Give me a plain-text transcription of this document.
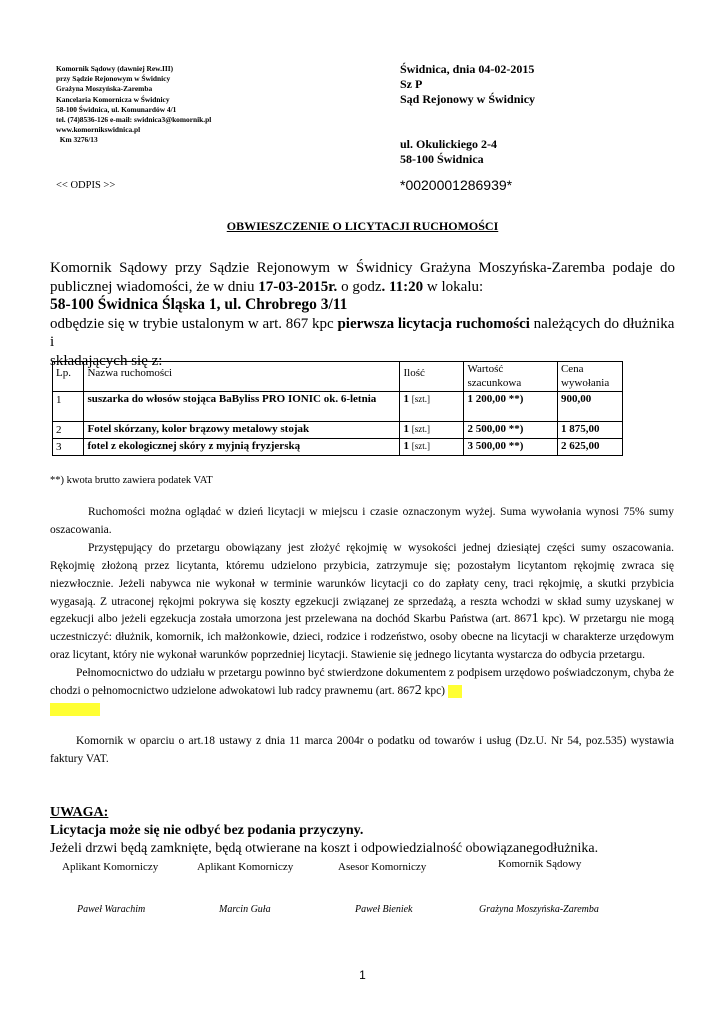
Komornik Sądowy (dawniej Rew.III)
przy Sądzie Rejonowym w Świdnicy
Grażyna Moszyńska-Zaremba
Kancelaria Komornicza w Świdnicy
58-100 Świdnica, ul. Komunardów 4/1
tel. (74)8536-126 e-mail: swidnica3@komornik.pl
www.komornikswidnica.pl
Km 3276/13
Świdnica, dnia 04-02-2015
Sz P
Sąd Rejonowy w Świdnicy
ul. Okulickiego 2-4
58-100 Świdnica
<< ODPIS >>	*0020001286939*
OBWIESZCZENIE O LICYTACJI RUCHOMOŚCI

Komornik Sądowy przy Sądzie Rejonowym w Świdnicy Grażyna Moszyńska-Zaremba podaje do

publicznej wiadomości, że w dniu 17-03-2015r. o godz. 11:20 w lokalu:

58-100 Świdnica Śląska 1, ul. Chrobrego 3/11

odbędzie się w trybie ustalonym w art. 867 kpc pierwsza licytacja ruchomości należących do dłużnika i

składających się z:

Lp.	Nazwa ruchomości	Ilość	Wartość szacunkowa	Cena wywołania
1	suszarka do włosów stojąca BaByliss PRO IONIC ok. 6-letnia	1 [szt.]	1 200,00 **)	900,00
2	Fotel skórzany, kolor brązowy metalowy stojak	1 [szt.]	2 500,00 **)	1 875,00
3	fotel z ekologicznej skóry z myjnią fryzjerską	1 [szt.]	3 500,00 **)	2 625,00
**) kwota brutto zawiera podatek VAT

Ruchomości można oglądać w dzień licytacji w miejscu i czasie oznaczonym wyżej. Suma wywołania wynosi 75% sumy oszacowania.

Przystępujący do przetargu obowiązany jest złożyć rękojmię w wysokości jednej dziesiątej części sumy oszacowania. Rękojmię złożoną przez licytanta, któremu udzielono przybicia, zatrzymuje się; pozostałym licytantom rękojmię zwraca się niezwłocznie. Jeżeli nabywca nie wykonał w terminie warunków licytacji co do zapłaty ceny, traci rękojmię, a skutki przybicia wygasają. Z utraconej rękojmi pokrywa się koszty egzekucji związanej ze sprzedażą, a reszta wchodzi w skład sumy uzyskanej w egzekucji albo jeżeli egzekucja została umorzona jest przelewana na dochód Skarbu Państwa (art. 8671 kpc). W przetargu nie mogą uczestniczyć: dłużnik, komornik, ich małżonkowie, dzieci, rodzice i rodzeństwo, osoby obecne na licytacji w charakterze urzędowym oraz licytant, który nie wykonał warunków poprzedniej licytacji. Stawienie się jednego licytanta wystarcza do odbycia przetargu.

Pełnomocnictwo do udziału w przetargu powinno być stwierdzone dokumentem z podpisem urzędowo poświadczonym, chyba że chodzi o pełnomocnictwo udzielone adwokatowi lub radcy prawnemu (art. 8672 kpc)

Komornik w oparciu o art.18 ustawy z dnia 11 marca 2004r o podatku od towarów i usług (Dz.U. Nr 54, poz.535) wystawia faktury VAT.

UWAGA:
Licytacja może się nie odbyć bez podania przyczyny.
Jeżeli drzwi będą zamknięte, będą otwierane na koszt i odpowiedzialność obowiązanegodłużnika.
Aplikant Komorniczy	Aplikant Komorniczy	Asesor Komorniczy	Komornik Sądowy
Paweł Warachim	Marcin Guła	Paweł Bieniek	Grażyna Moszyńska-Zaremba
1
